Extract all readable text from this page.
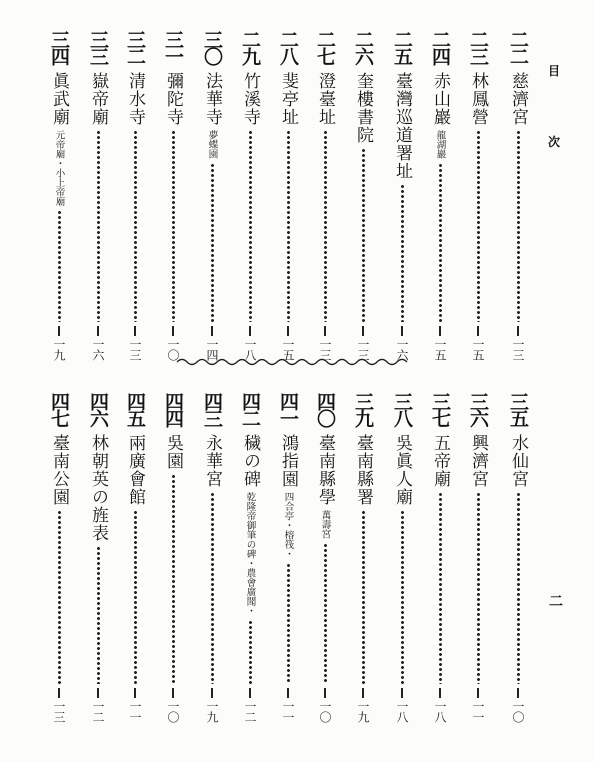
目
次
二
二二
慈濟宮
一三
二三
林鳳營
一五
二四
赤山巖
龍湖巖
一五
二五
臺灣巡道署址
一六
二六
奎樓書院
一三
二七
澄臺址
一三
二八
斐亭址
一五
二九
竹溪寺
一八
三〇
法華寺
夢蝶園
一四
三一
彌陀寺
一〇
三二
清水寺
一三
三三
嶽帝廟
一六
三四
眞武廟
元帝廟・小上帝廟
一九
三五
水仙宮
一〇
三六
興濟宮
一一
三七
五帝廟
一八
三八
吳眞人廟
一八
三九
臺南縣署
一九
四〇
臺南縣學
萬壽宮
一〇
四一
鴻指園
四合亭・榕筏・
一一
四二
穢の碑
乾隆帝御筆の碑・
農會廣聞・
一二
四三
永華宮
一九
四四
吳園
一〇
四五
兩廣會館
一一
四六
林朝英の旌表
一二
四七
臺南公園
一三
